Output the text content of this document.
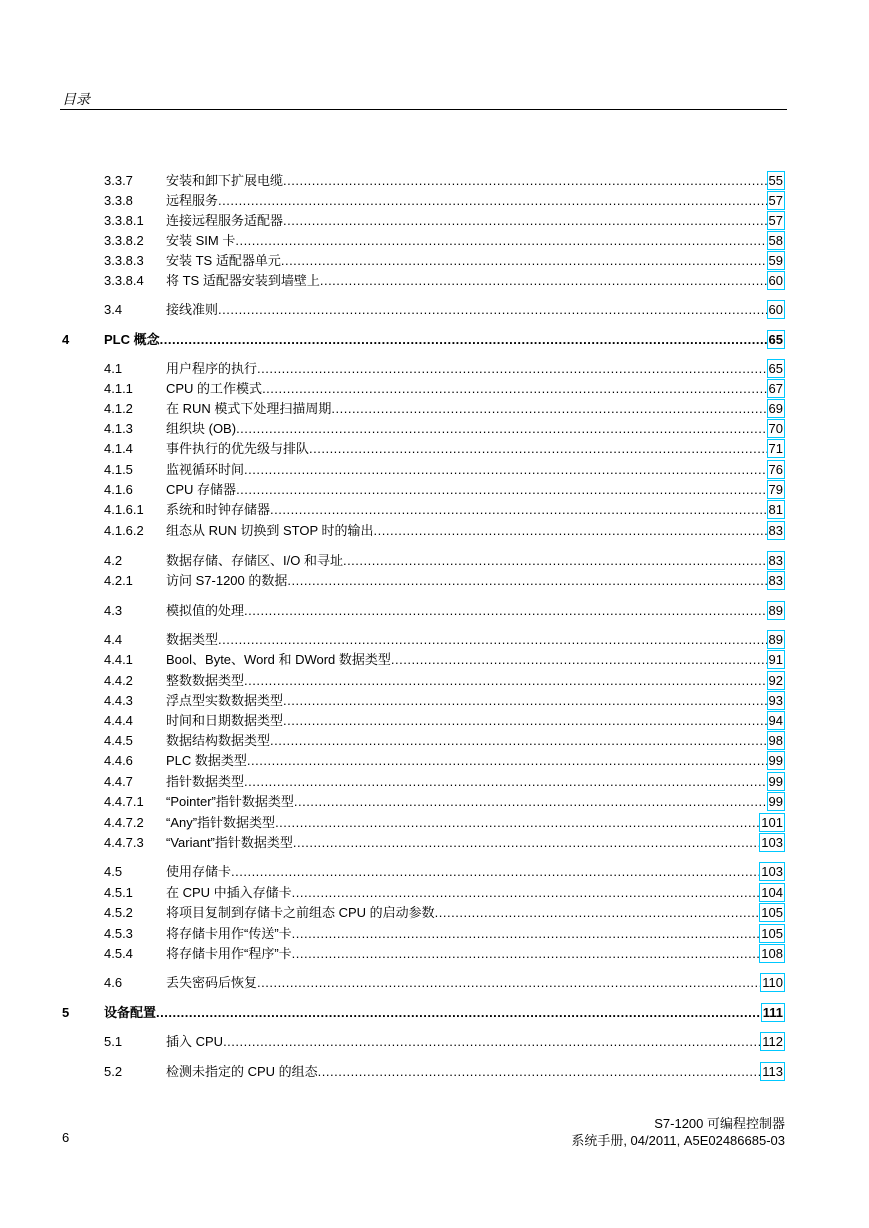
目录
3.3.7	安装和卸下扩展电缆 .....	55
3.3.8	远程服务 .....	57
3.3.8.1 连接远程服务适配器 .....	57
3.3.8.2 安装 SIM 卡 .....	58
3.3.8.3 安装 TS 适配器单元 .....	59
3.3.8.4 将 TS 适配器安装到墙壁上 .....	60
3.4	接线准则 .....	60
4	PLC 概念 .....	65
4.1	用户程序的执行 .....	65
4.1.1	CPU 的工作模式 .....	67
4.1.2	在 RUN 模式下处理扫描周期 .....	69
4.1.3	组织块 (OB) .....	70
4.1.4	事件执行的优先级与排队 .....	71
4.1.5	监视循环时间 .....	76
4.1.6	CPU 存储器 .....	79
4.1.6.1 系统和时钟存储器 .....	81
4.1.6.2 组态从 RUN 切换到 STOP 时的输出 .....	83
4.2	数据存储、存储区、I/O 和寻址 .....	83
4.2.1	访问 S7-1200 的数据 .....	83
4.3	模拟值的处理 .....	89
4.4	数据类型 .....	89
4.4.1	Bool、Byte、Word 和 DWord 数据类型 .....	91
4.4.2	整数数据类型 .....	92
4.4.3	浮点型实数数据类型 .....	93
4.4.4	时间和日期数据类型 .....	94
4.4.5	数据结构数据类型 .....	98
4.4.6	PLC 数据类型 .....	99
4.4.7	指针数据类型 .....	99
4.4.7.1 “Pointer”指针数据类型 .....	99
4.4.7.2 “Any”指针数据类型 .....	101
4.4.7.3 “Variant”指针数据类型 .....	103
4.5	使用存储卡 .....	103
4.5.1	在 CPU 中插入存储卡 .....	104
4.5.2	将项目复制到存储卡之前组态 CPU 的启动参数 .....	105
4.5.3	将存储卡用作“传送”卡 .....	105
4.5.4	将存储卡用作“程序”卡 .....	108
4.6	丢失密码后恢复 .....	110
5	设备配置 .....	111
5.1	插入 CPU .....	112
5.2	检测未指定的 CPU 的组态 .....	113
6
S7-1200 可编程控制器
系统手册, 04/2011, A5E02486685-03
